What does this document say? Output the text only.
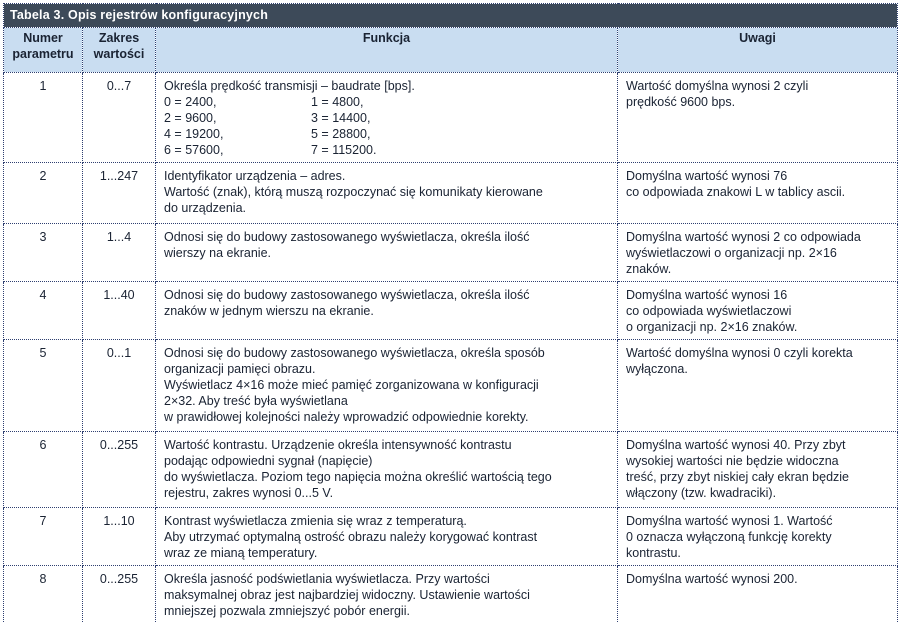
Tabela 3. Opis rejestrów konfiguracyjnych			
Numer parametru	Zakres wartości	Funkcja	Uwagi
1	0...7	Określa prędkość transmisji – baudrate [bps].
0 = 2400, 1 = 4800,
2 = 9600, 3 = 14400,
4 = 19200, 5 = 28800,
6 = 57600, 7 = 115200.	Wartość domyślna wynosi 2 czyli
prędkość 9600 bps.

2	1...247	Identyfikator urządzenia – adres.
Wartość (znak), którą muszą rozpoczynać się komunikaty kierowane
do urządzenia.	Domyślna wartość wynosi 76
co odpowiada znakowi L w tablicy ascii.

3	1...4	Odnosi się do budowy zastosowanego wyświetlacza, określa ilość
wierszy na ekranie.	Domyślna wartość wynosi 2 co odpowiada
wyświetlaczowi o organizacji np. 2×16
znaków.

4	1...40	Odnosi się do budowy zastosowanego wyświetlacza, określa ilość
znaków w jednym wierszu na ekranie.	Domyślna wartość wynosi 16
co odpowiada wyświetlaczowi
o organizacji np. 2×16 znaków.

5	0...1	Odnosi się do budowy zastosowanego wyświetlacza, określa sposób
organizacji pamięci obrazu.
Wyświetlacz 4×16 może mieć pamięć zorganizowana w konfiguracji
2×32. Aby treść była wyświetlana
w prawidłowej kolejności należy wprowadzić odpowiednie korekty.	Wartość domyślna wynosi 0 czyli korekta
wyłączona.

6	0...255	Wartość kontrastu. Urządzenie określa intensywność kontrastu
podając odpowiedni sygnał (napięcie)
do wyświetlacza. Poziom tego napięcia można określić wartością tego
rejestru, zakres wynosi 0...5 V.	Domyślna wartość wynosi 40. Przy zbyt
wysokiej wartości nie będzie widoczna
treść, przy zbyt niskiej cały ekran będzie
włączony (tzw. kwadraciki).

7	1...10	Kontrast wyświetlacza zmienia się wraz z temperaturą.
Aby utrzymać optymalną ostrość obrazu należy korygować kontrast
wraz ze mianą temperatury.	Domyślna wartość wynosi 1. Wartość
0 oznacza wyłączoną funkcję korekty
kontrastu.

8	0...255	Określa jasność podświetlania wyświetlacza. Przy wartości
maksymalnej obraz jest najbardziej widoczny. Ustawienie wartości
mniejszej pozwala zmniejszyć pobór energii.	Domyślna wartość wynosi 200.
